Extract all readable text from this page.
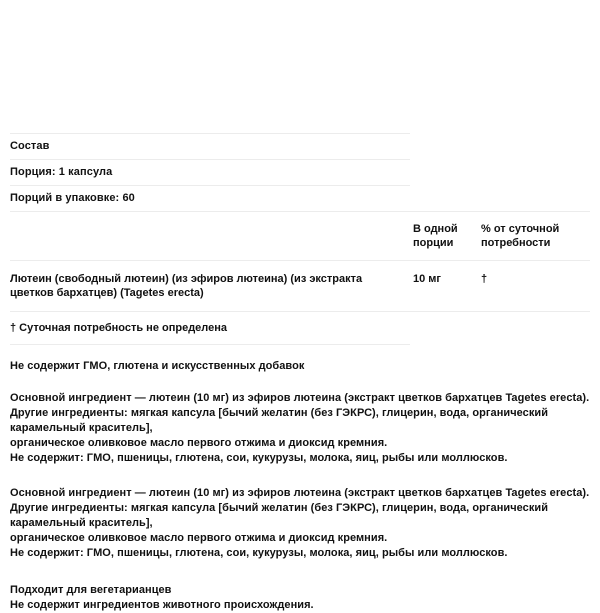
Состав
Порция: 1 капсула
Порций в упаковке: 60
	В одной порции	% от суточной потребности
Лютеин (свободный лютеин) (из эфиров лютеина) (из экстракта цветков бархатцев) (Tagetes erecta)	10 мг	†
† Суточная потребность не определена		

Не содержит ГМО, глютена и искусственных добавок

Основной ингредиент — лютеин (10 мг) из эфиров лютеина (экстракт цветков бархатцев Tagetes erecta).

Другие ингредиенты: мягкая капсула [бычий желатин (без ГЭКРС), глицерин, вода, органический карамельный краситель],

органическое оливковое масло первого отжима и диоксид кремния.

Не содержит: ГМО, пшеницы, глютена, сои, кукурузы, молока, яиц, рыбы или моллюсков.

Основной ингредиент — лютеин (10 мг) из эфиров лютеина (экстракт цветков бархатцев Tagetes erecta).

Другие ингредиенты: мягкая капсула [бычий желатин (без ГЭКРС), глицерин, вода, органический карамельный краситель],

органическое оливковое масло первого отжима и диоксид кремния.

Не содержит: ГМО, пшеницы, глютена, сои, кукурузы, молока, яиц, рыбы или моллюсков.

Подходит для вегетарианцев

Не содержит ингредиентов животного происхождения.
